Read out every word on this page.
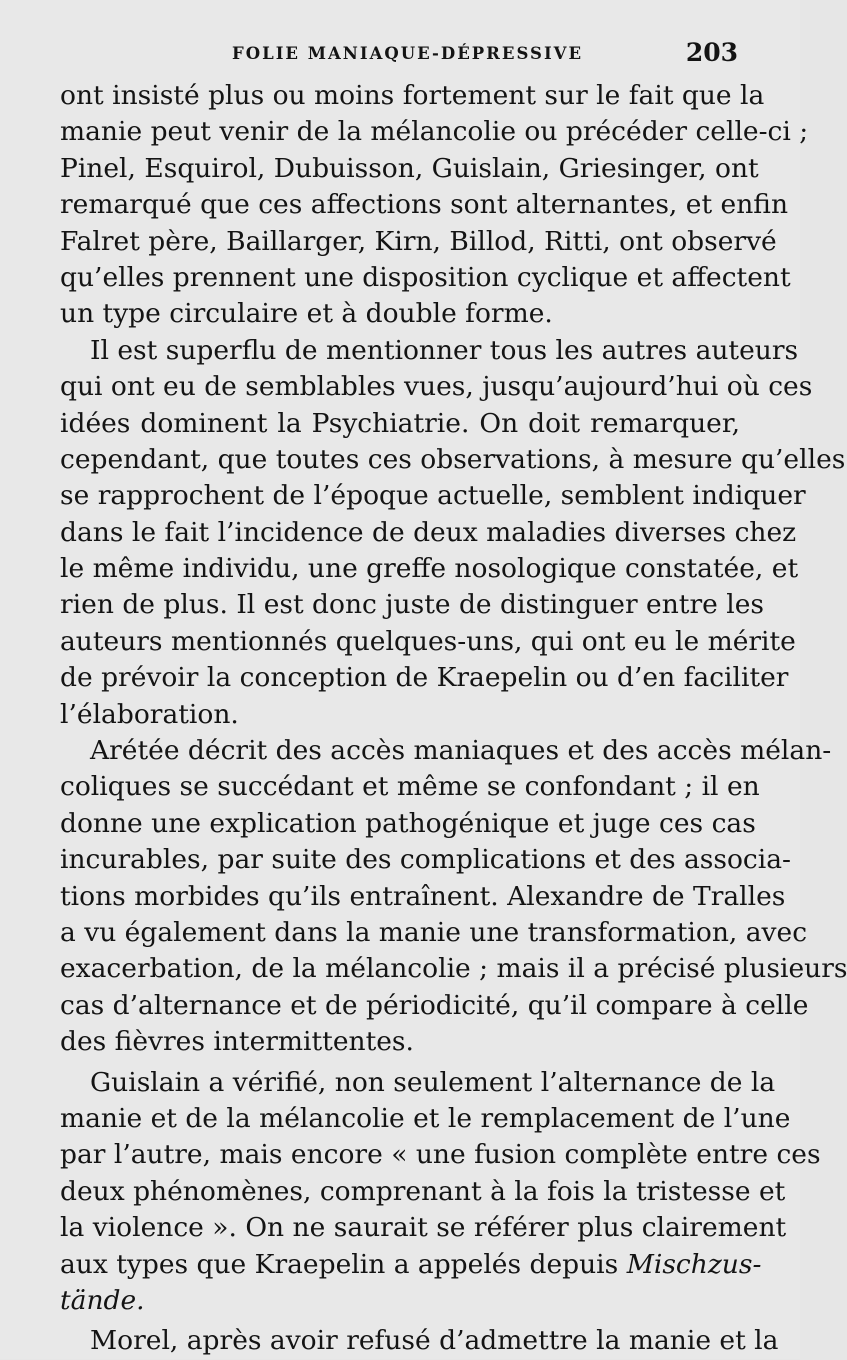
FOLIE MANIAQUE-DÉPRESSIVE	203
ont insisté plus ou moins fortement sur le fait que la
manie peut venir de la mélancolie ou précéder celle-ci ;
Pinel, Esquirol, Dubuisson, Guislain, Griesinger, ont
remarqué que ces affections sont alternantes, et enfin
Falret père, Baillarger, Kirn, Billod, Ritti, ont observé
qu’elles prennent une disposition cyclique et affectent
un type circulaire et à double forme.
Il est superflu de mentionner tous les autres auteurs
qui ont eu de semblables vues, jusqu’aujourd’hui où ces
idées dominent la Psychiatrie. On doit remarquer,
cependant, que toutes ces observations, à mesure qu’elles
se rapprochent de l’époque actuelle, semblent indiquer
dans le fait l’incidence de deux maladies diverses chez
le même individu, une greffe nosologique constatée, et
rien de plus. Il est donc juste de distinguer entre les
auteurs mentionnés quelques-uns, qui ont eu le mérite
de prévoir la conception de Kraepelin ou d’en faciliter
l’élaboration.
Arétée décrit des accès maniaques et des accès mélan-
coliques se succédant et même se confondant ; il en
donne une explication pathogénique et juge ces cas
incurables, par suite des complications et des associa-
tions morbides qu’ils entraînent. Alexandre de Tralles
a vu également dans la manie une transformation, avec
exacerbation, de la mélancolie ; mais il a précisé plusieurs
cas d’alternance et de périodicité, qu’il compare à celle
des fièvres intermittentes.
Guislain a vérifié, non seulement l’alternance de la
manie et de la mélancolie et le remplacement de l’une
par l’autre, mais encore « une fusion complète entre ces
deux phénomènes, comprenant à la fois la tristesse et
la violence ». On ne saurait se référer plus clairement
aux types que Kraepelin a appelés depuis Mischzus-
tände.
Morel, après avoir refusé d’admettre la manie et la
